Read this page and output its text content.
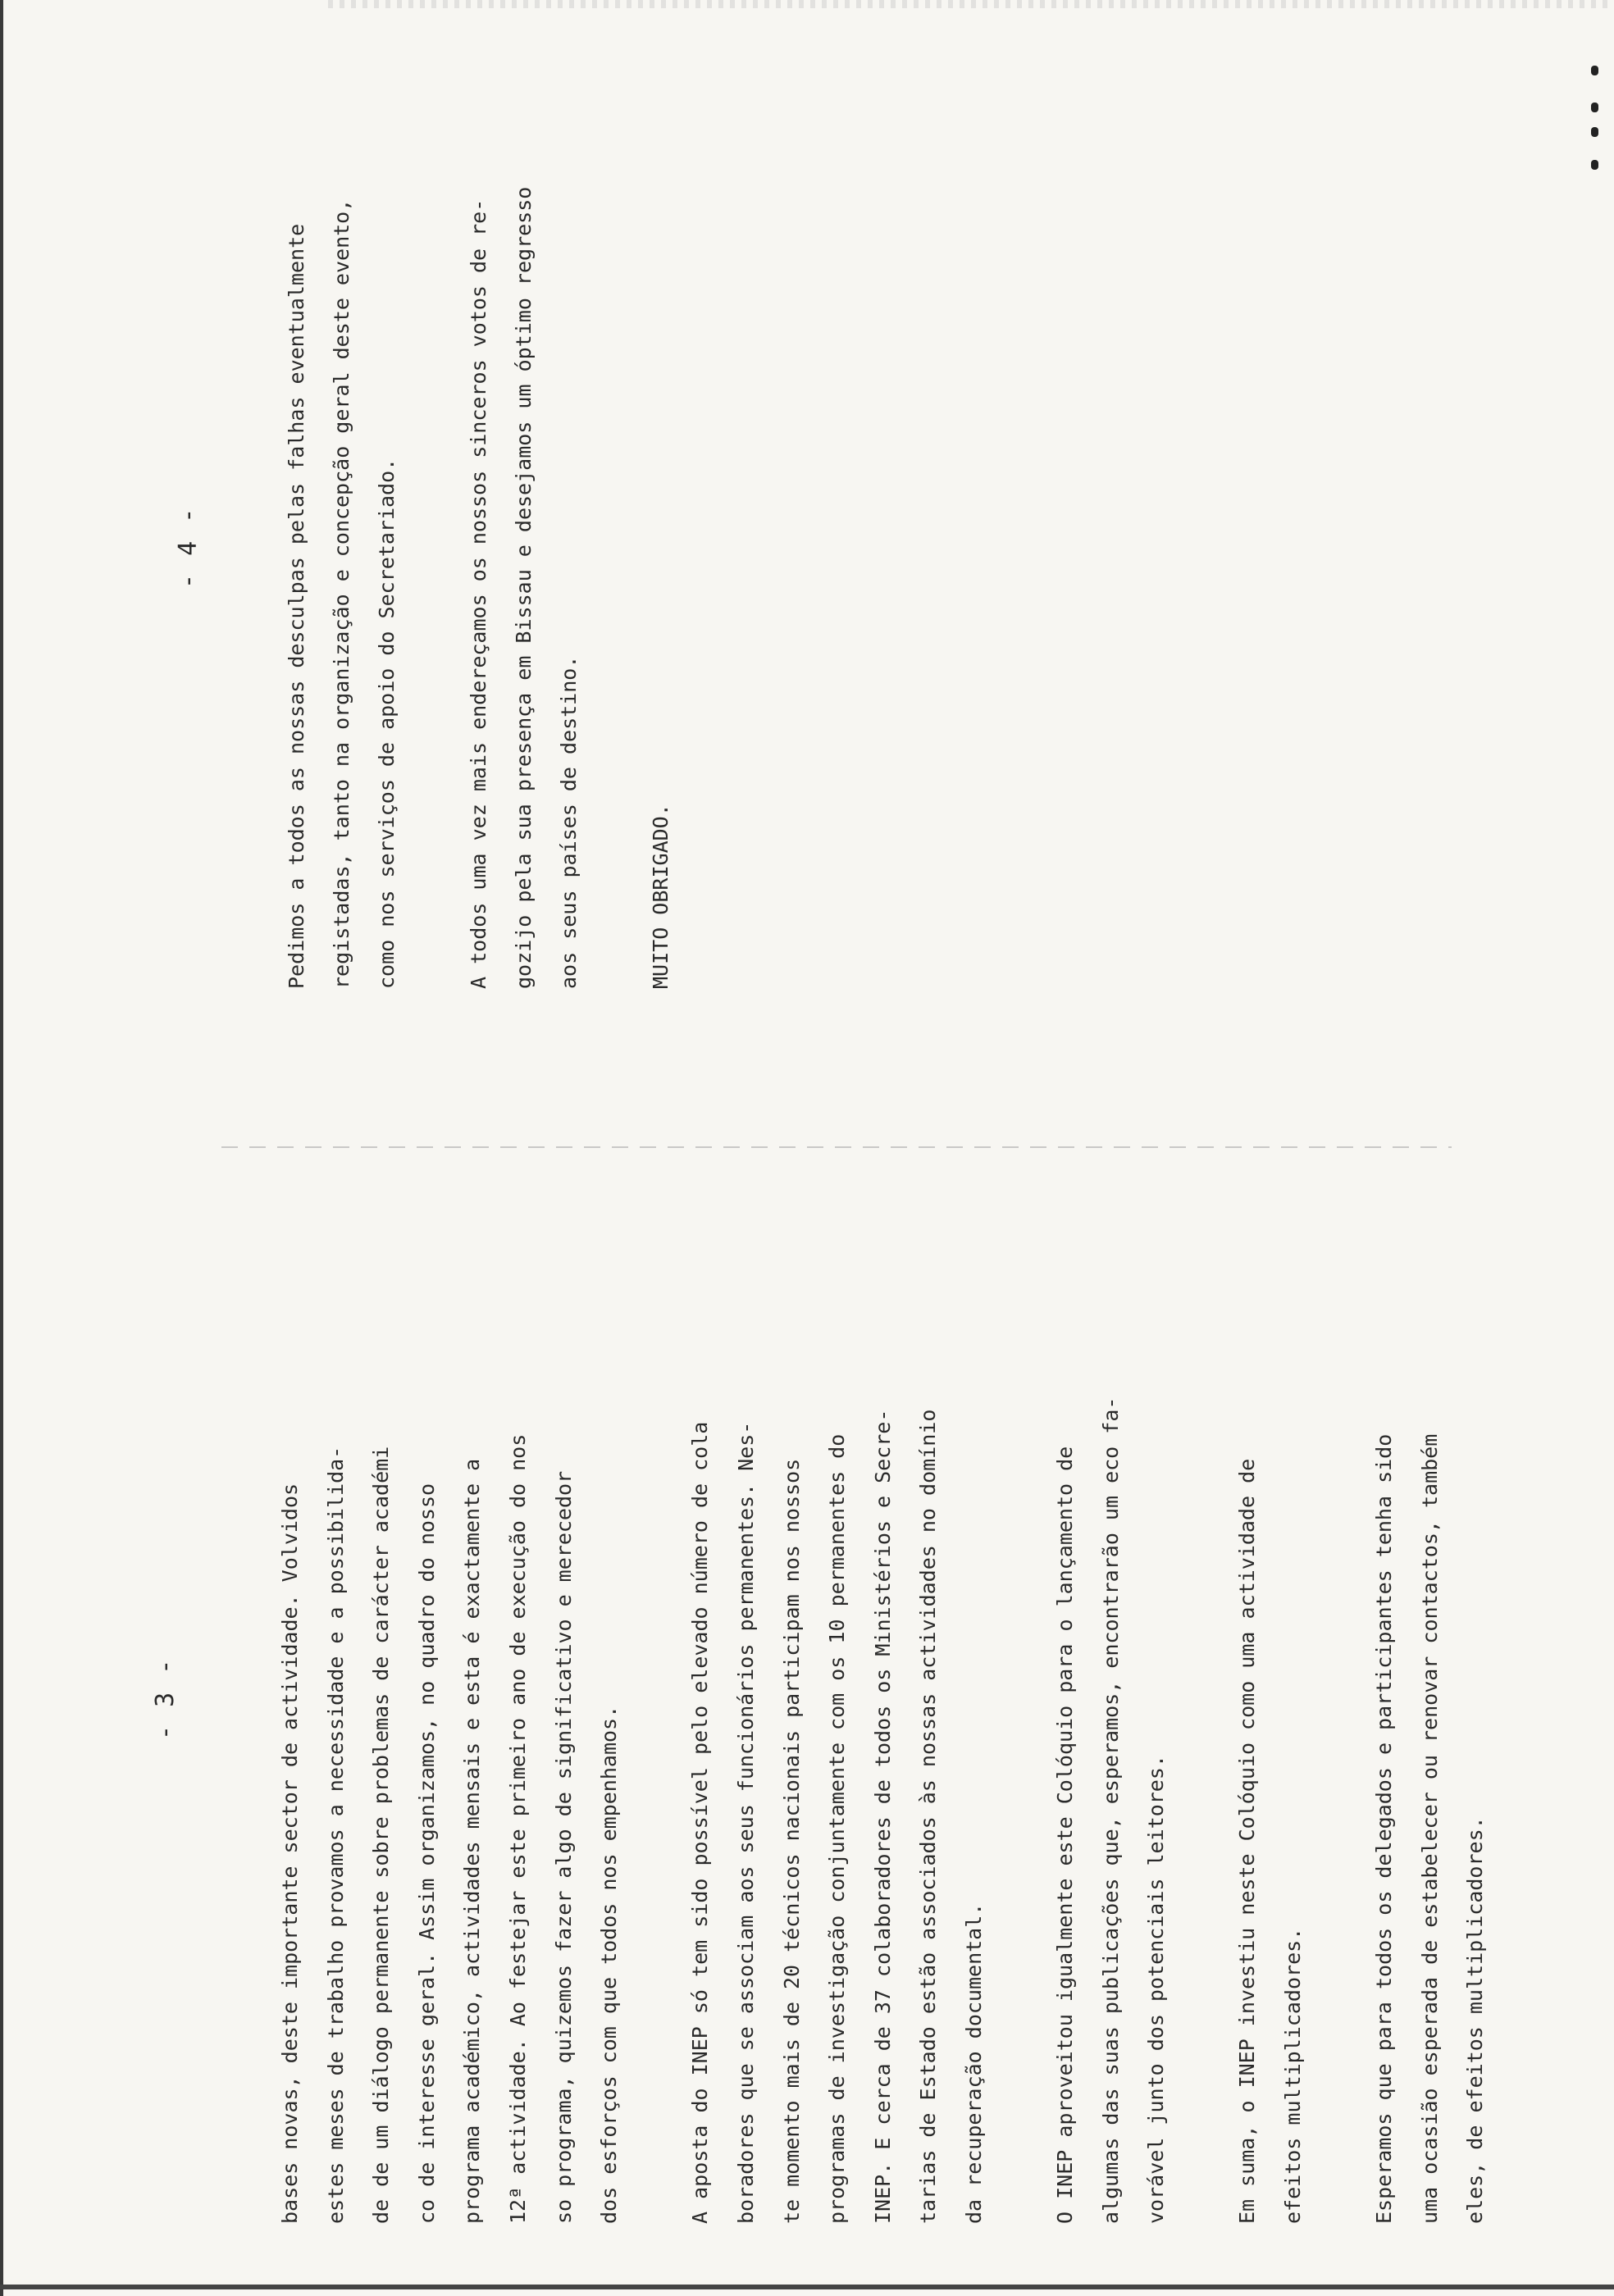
- 3 -
- 4 -
bases novas, deste importante sector de actividade. Volvidos	estes meses de trabalho provamos a necessidade e a possibilida-	de de um diálogo permanente sobre problemas de carácter académi	co de interesse geral. Assim organizamos, no quadro do nosso	programa académico, actividades mensais e esta é exactamente a	12ª actividade. Ao festejar este primeiro ano de execução do nos	so programa, quizemos fazer algo de significativo e merecedor	dos esforços com que todos nos empenhamos.	A aposta do INEP só tem sido possível pelo elevado número de cola	boradores que se associam aos seus funcionários permanentes. Nes-	te momento mais de 20 técnicos nacionais participam nos nossos	programas de investigação conjuntamente com os 10 permanentes do	INEP. E cerca de 37 colaboradores de todos os Ministérios e Secre-	tarias de Estado estão associados às nossas actividades no domínio	da recuperação documental.	O INEP aproveitou igualmente este Colóquio para o lançamento de	algumas das suas publicações que, esperamos, encontrarão um eco fa-	vorável junto dos potenciais leitores.	Em suma, o INEP investiu neste Colóquio como uma actividade de	efeitos multiplicadores.	Esperamos que para todos os delegados e participantes tenha sido	uma ocasião esperada de estabelecer ou renovar contactos, também	eles, de efeitos multiplicadores.
Pedimos a todos as nossas desculpas pelas falhas eventualmente	registadas, tanto na organização e concepção geral deste evento,	como nos serviços de apoio do Secretariado.	A todos uma vez mais endereçamos os nossos sinceros votos de re-	gozijo pela sua presença em Bissau e desejamos um óptimo regresso	aos seus países de destino.	MUITO OBRIGADO.
